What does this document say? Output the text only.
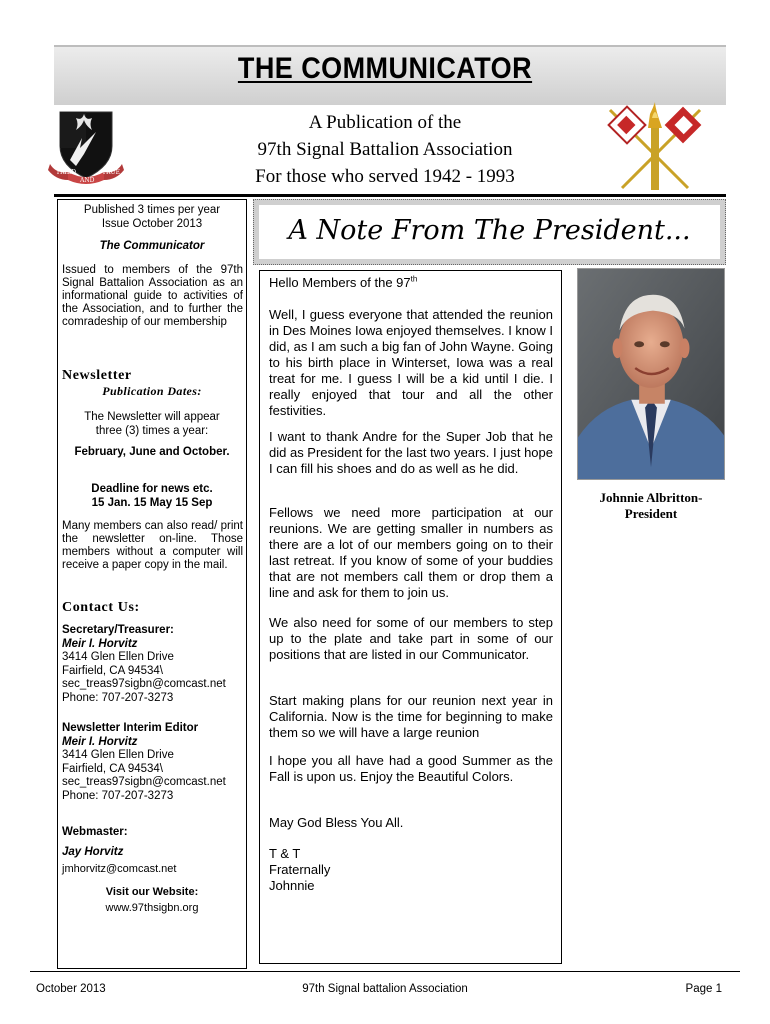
THE COMMUNICATOR
A Publication of the
97th Signal Battalion Association
For those who served 1942 - 1993
TRIED
AND
TRUE
Published 3 times per year
Issue October 2013
The Communicator
Issued to members of the 97th Signal Battalion Association as an informational guide to activities of the Association, and to further the comradeship of our membership
Newsletter
Publication Dates:
The Newsletter will appear
three (3) times a year:
February, June and October.
Deadline for news etc.
15 Jan. 15 May 15 Sep
Many members can also read/ print the newsletter on-line. Those members without a computer will receive a paper copy in the mail.
Contact Us:
Secretary/Treasurer:
Meir I. Horvitz
3414 Glen Ellen Drive
Fairfield, CA 94534\
sec_treas97sigbn@comcast.net
Phone: 707-207-3273
Newsletter Interim Editor
Meir I. Horvitz
3414 Glen Ellen Drive
Fairfield, CA 94534\
sec_treas97sigbn@comcast.net
Phone: 707-207-3273
Webmaster:
Jay Horvitz
jmhorvitz@comcast.net
Visit our Website:
www.97thsigbn.org
A Note From The President...

Hello Members of the 97th

Well, I guess everyone that attended the reunion in Des Moines Iowa enjoyed themselves. I know I did, as I am such a big fan of John Wayne. Going to his birth place in Winterset, Iowa was a real treat for me. I guess I will be a kid until I die. I really enjoyed that tour and all the other festivities.

I want to thank Andre for the Super Job that he did as President for the last two years. I just hope I can fill his shoes and do as well as he did.

Fellows we need more participation at our reunions. We are getting smaller in numbers as there are a lot of our members going on to their last retreat. If you know of some of your buddies that are not members call them or drop them a line and ask for them to join us.

We also need for some of our members to step up to the plate and take part in some of our positions that are listed in our Communicator.

Start making plans for our reunion next year in California. Now is the time for beginning to make them so we will have a large reunion

I hope you all have had a good Summer as the Fall is upon us. Enjoy the Beautiful Colors.

May God Bless You All.

T & T
Fraternally
Johnnie
Johnnie Albritton-
President
October 2013	97th Signal battalion Association	Page 1
